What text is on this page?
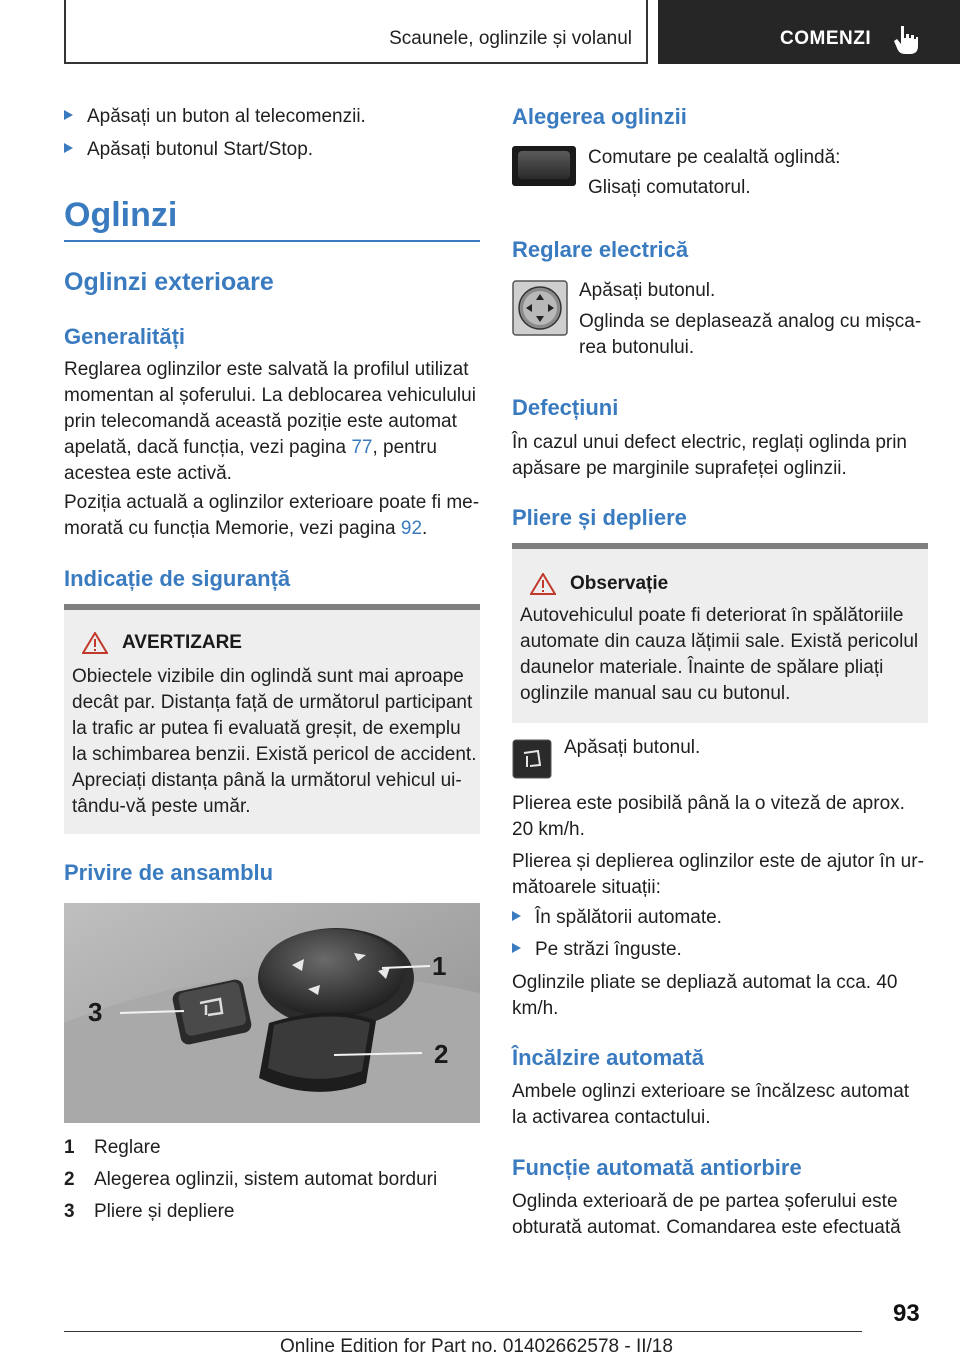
Scaunele, oglinzile și volanul	COMENZI

Apăsați un buton al telecomenzii.

Apăsați butonul Start/Stop.

Oglinzi
Oglinzi exterioare
Generalități

Reglarea oglinzilor este salvată la profilul utilizat momentan al șoferului. La deblocarea vehiculului prin telecomandă această poziție este automat apelată, dacă funcția, vezi pagina 77, pentru acestea este activă.

Poziția actuală a oglinzilor exterioare poate fi memorată cu funcția Memorie, vezi pagina 92.

Indicație de siguranță
AVERTIZARE

Obiectele vizibile din oglindă sunt mai aproape decât par. Distanța față de următorul participant la trafic ar putea fi evaluată greșit, de exemplu la schimbarea benzii. Există pericol de accident. Apreciați distanța până la următorul vehicul uitându-vă peste umăr.

Privire de ansamblu
1
2
3
1	Reglare
2	Alegerea oglinzii, sistem automat borduri
3	Pliere și depliere
Alegerea oglinzii

Comutare pe cealaltă oglindă:

Glisați comutatorul.

Reglare electrică

Apăsați butonul.

Oglinda se deplasează analog cu mișcarea butonului.

Defecțiuni

În cazul unui defect electric, reglați oglinda prin apăsare pe marginile suprafeței oglinzii.

Pliere și depliere
Observație

Autovehiculul poate fi deteriorat în spălătoriile automate din cauza lățimii sale. Există pericolul daunelor materiale. Înainte de spălare pliați oglinzile manual sau cu butonul.

Apăsați butonul.

Plierea este posibilă până la o viteză de aprox. 20 km/h.

Plierea și deplierea oglinzilor este de ajutor în următoarele situații:

În spălătorii automate.

Pe străzi înguste.

Oglinzile pliate se depliază automat la cca. 40 km/h.

Încălzire automată

Ambele oglinzi exterioare se încălzesc automat la activarea contactului.

Funcție automată antiorbire

Oglinda exterioară de pe partea șoferului este obturată automat. Comandarea este efectuată

93
Online Edition for Part no. 01402662578 - II/18
